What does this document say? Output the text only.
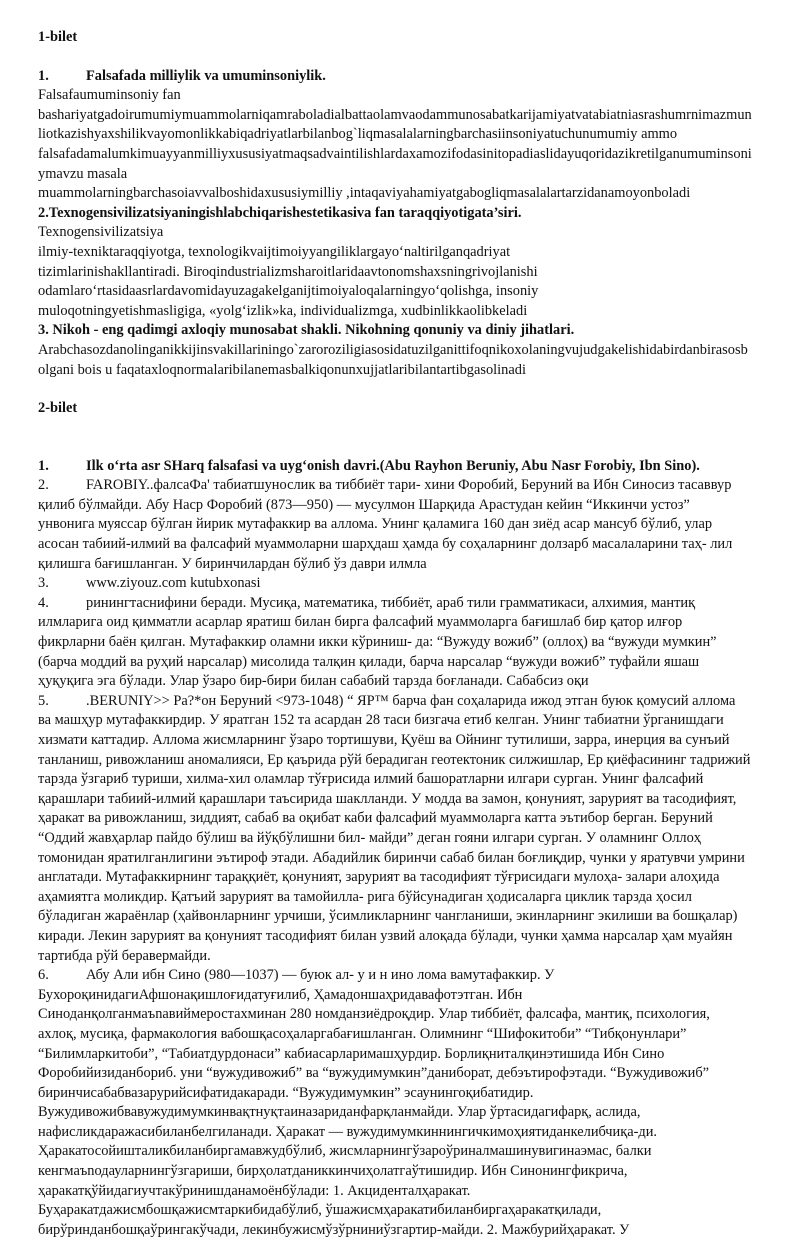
1-bilet

1.	Falsafada milliylik va umuminsoniylik.

Falsafaumuminsoniy fan

bashariyatgadoirumumiymuammolarniqamraboladialbattaolamvaodammunosabatkarijamiyatvatabiatniasrashumrnimazmun

liotkazishyaxshilikvayomonlikkabiqadriyatlarbilanbog`liqmasalalarningbarchasiinsoniyatuchunumumiy ammo

falsafadamalumkimuayyanmilliyxususiyatmaqsadvaintilishlardaxamozifodasinitopadiaslidayuqoridazikretilganumuminsoni

ymavzu masala

muammolarningbarchasoiavvalboshidaxususiymilliy ,intaqaviyahamiyatgabogliqmasalalartarzidanamoyonboladi

2.Texnogensivilizatsiyaningishlabchiqarishestetikasiva fan taraqqiyotigata’siri.

Texnogensivilizatsiya

ilmiy-texniktaraqqiyotga, texnologikvaijtimoiyyangiliklargayo‘naltirilganqadriyat

tizimlarinishakllantiradi. Biroqindustrializmsharoitlaridaavtonomshaxsningrivojlanishi

odamlaro‘rtasidaasrlardavomidayuzagakelganijtimoiyaloqalarningyo‘qolishga, insoniy

muloqotningyetishmasligiga, «yolg‘izlik»ka, individualizmga, xudbinlikkaolibkeladi

3. Nikoh - eng qadimgi axloqiy munosabat shakli. Nikohning qonuniy va diniy jihatlari.

Arabchasozdanolinganikkijinsvakillariningo`zaroroziligiasosidatuzilganittifoqnikoxolaningvujudgakelishidabirdanbirasosb

olgani bois u faqataxloqnormalaribilanemasbalkiqonunxujjatlaribilantartibgasolinadi

2-bilet

1.	Ilk o‘rta asr SHarq falsafasi va uyg‘onish davri.(Abu Rayhon Beruniy, Abu Nasr Forobiy, Ibn Sino).
2.	FAROBIY..фалсаФа' табиатшунослик ва тиббиёт тари- хини Форобий, Беруний ва Ибн Синосиз тасаввур

қилиб бўлмайди. Абу Наср Форобий (873—950) — мусулмон Шарқида Арастудан кейин “Иккинчи устоз”

унвонига муяссар бўлган йирик мутафаккир ва аллома. Унинг қаламига 160 дан зиёд асар мансуб бўлиб, улар

асосан табиий-илмий ва фалсафий муаммоларни шарҳдаш ҳамда бу соҳаларнинг долзарб масалаларини таҳ- лил

қилишга бағишланган. У биринчилардан бўлиб ўз даври илмла

3.	www.ziyouz.com kutubxonasi
4.	ринингтаснифини беради. Мусиқа, математика, тиббиёт, араб тили грамматикаси, алхимия, мантиқ

илмларига оид қимматли асарлар яратиш билан бирга фалсафий муаммоларга бағишлаб бир қатор илғор

фикрларни баён қилган. Мутафаккир оламни икки кўриниш- да: “Вужуду вожиб” (оллоҳ) ва “вужуди мумкин”

(барча моддий ва руҳий нарсалар) мисолида талқин қилади, барча нарсалар “вужуди вожиб” туфайли яшаш

ҳуқуқига эга бўлади. Улар ўзаро бир-бири билан сабабий тарзда боғланади. Сабабсиз оқи

5.	.BERUNIY>> Ра?*он Беруний <973-1048) “ ЯР™ барча фан соҳаларида ижод этган буюк қомусий аллома

ва машҳур мутафаккирдир. У яратган 152 та асардан 28 таси бизгача етиб келган. Унинг табиатни ўрганишдаги

хизмати каттадир. Аллома жисмларнинг ўзаро тортишуви, Қуёш ва Ойнинг тутилиши, зарра, инерция ва сунъий

танланиш, ривожланиш аномалияси, Ер қаърида рўй берадиган геотектоник силжишлар, Ер қиёфасининг тадрижий

тарзда ўзгариб туриши, хилма-хил оламлар тўғрисида илмий башоратларни илгари сурган. Унинг фалсафий

қарашлари табиий-илмий қарашлари таъсирида шаклланди. У модда ва замон, қонуният, зарурият ва тасодифият,

ҳаракат ва ривожланиш, зиддият, сабаб ва оқибат каби фалсафий муаммоларга катта эътибор берган. Беруний

“Оддий жавҳарлар пайдо бўлиш ва йўқбўлишни бил- майди” деган гояни илгари сурган. У оламнинг Оллоҳ

томонидан яратилганлигини эътироф этади. Абадийлик биринчи сабаб билан боғлиқдир, чунки у яратувчи умрини

англатади. Мутафаккирнинг тараққиёт, қонуният, зарурият ва тасодифият тўғрисидаги мулоҳа- залари алоҳида

аҳамиятга моликдир. Қатъий зарурият ва тамойилла- рига бўйсунадиган ҳодисаларга циклик тарзда ҳосил

бўладиган жараёнлар (ҳайвонларнинг урчиши, ўсимликларнинг чангланиши, экинларнинг экилиши ва бошқалар)

киради. Лекин зарурият ва қонуният тасодифият билан узвий алоқада бўлади, чунки ҳамма нарсалар ҳам муайян

тартибда рўй беравермайди.

6.	Абу Али ибн Сино (980—1037) — буюк ал- у и н ино лома вамутафаккир. У

БухороқинидагиАфшонақишлоғидатуғилиб, Ҳамадоншаҳридавафотэтган. Ибн

Синоданқолганмаъnавиймеростахминан 280 номданзиёдроқдир. Улар тиббиёт, фалсафа, мантиқ, психология,

ахлоқ, мусиқа, фармакология вабошқасоҳаларгабағишланган. Олимнинг “Шифокитоби” “Тибқонунлари”

“Билимларкитоби”, “Табиатдурдонаси” кабиасарларимашҳурдир. Борлиқниталқинэтишида Ибн Сино

Форобийизиданбориб. уни “вужудивожиб” ва “вужудимумкин”даниборат, дебэътирофэтади. “Вужудивожиб”

биринчисабабвазарурийсифатидакаради. “Вужудимумкин” эсаунингоқибатидир.

Вужудивожибвавужудимумкинвақтнуқтаиназариданфарқланмайди. Улар ўртасидагифарқ, аслида,

нафисликдаражасибиланбелгиланади. Ҳаракат — вужудимумкиннингичкимоҳиятиданкелибчиқа-ди.

Ҳаракатосойишталикбиланбиргамавжудбўлиб, жисмларнингўзароўриналмашинувигинаэмас, балки

кенгмаъnодауларнингўзгариши, бирҳолатданиккинчиҳолатгаўтишидир. Ибн Синонингфикрича,

ҳаракатқўйидагиучтакўринишданамоёнбўлади: 1. Акциденталҳаракат.

Буҳаракатдажисмбошқажисмтаркибидабўлиб, ўшажисмҳаракатибиланбиргаҳаракатқилади,

бирўринданбошқаўрингакўчади, лекинбужисмўзўрниниўзгартир-майди. 2. Мажбурийҳаракат. У
